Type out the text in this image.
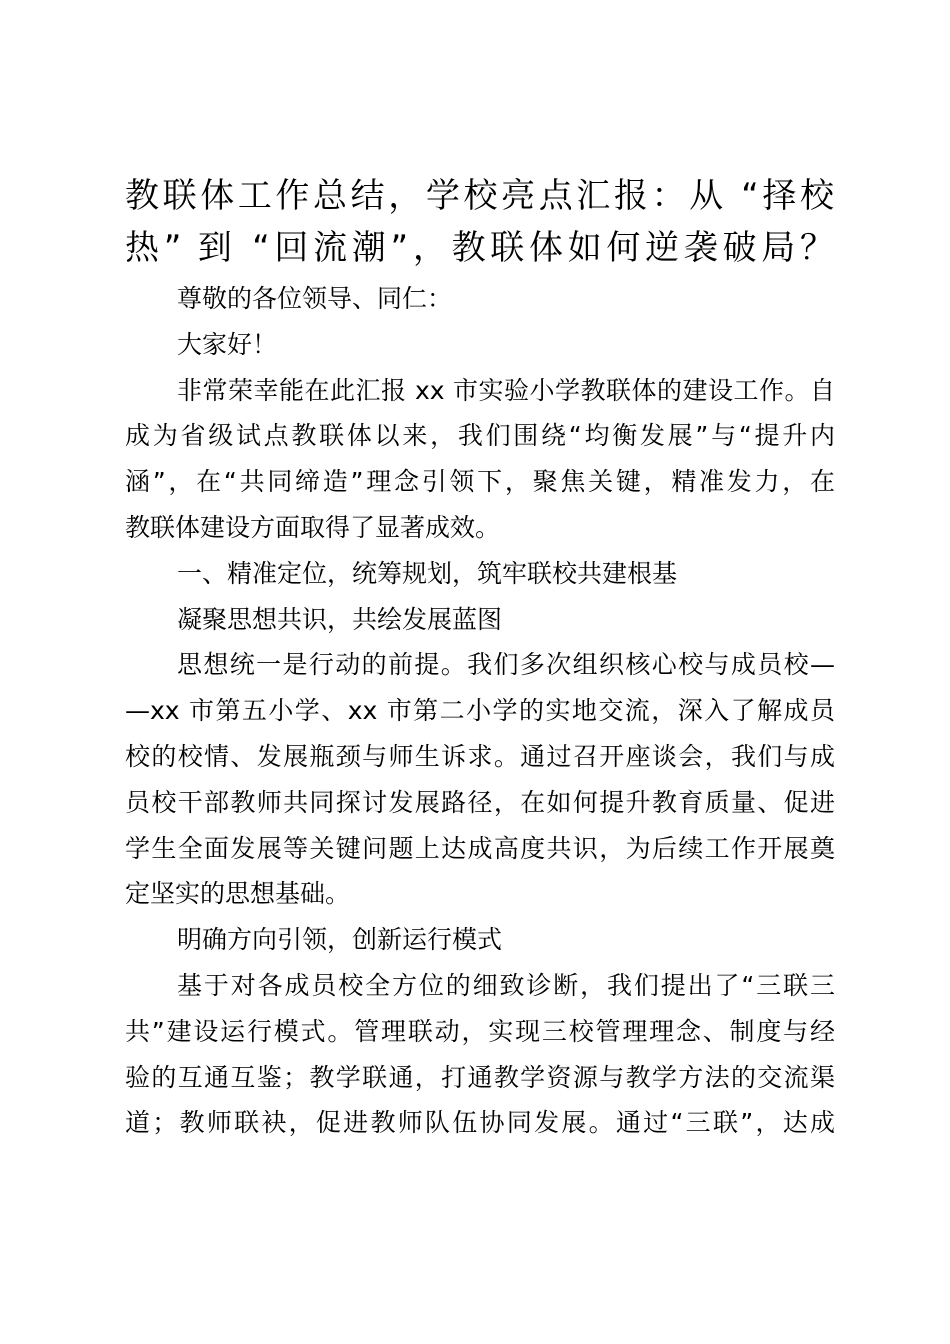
教联体工作总结，学校亮点汇报：从 “择校
热” 到 “回流潮”，教联体如何逆袭破局？

尊敬的各位领导、同仁：

大家好！

非常荣幸能在此汇报 xx 市实验小学教联体的建设工作。自
成为省级试点教联体以来，我们围绕“均衡发展”与“提升内
涵”，在“共同缔造”理念引领下，聚焦关键，精准发力，在
教联体建设方面取得了显著成效。

一、精准定位，统筹规划，筑牢联校共建根基

凝聚思想共识，共绘发展蓝图

思想统一是行动的前提。我们多次组织核心校与成员校—
—xx 市第五小学、xx 市第二小学的实地交流，深入了解成员
校的校情、发展瓶颈与师生诉求。通过召开座谈会，我们与成
员校干部教师共同探讨发展路径，在如何提升教育质量、促进
学生全面发展等关键问题上达成高度共识，为后续工作开展奠
定坚实的思想基础。

明确方向引领，创新运行模式

基于对各成员校全方位的细致诊断，我们提出了“三联三
共”建设运行模式。管理联动，实现三校管理理念、制度与经
验的互通互鉴；教学联通，打通教学资源与教学方法的交流渠
道；教师联袂，促进教师队伍协同发展。通过“三联”，达成
